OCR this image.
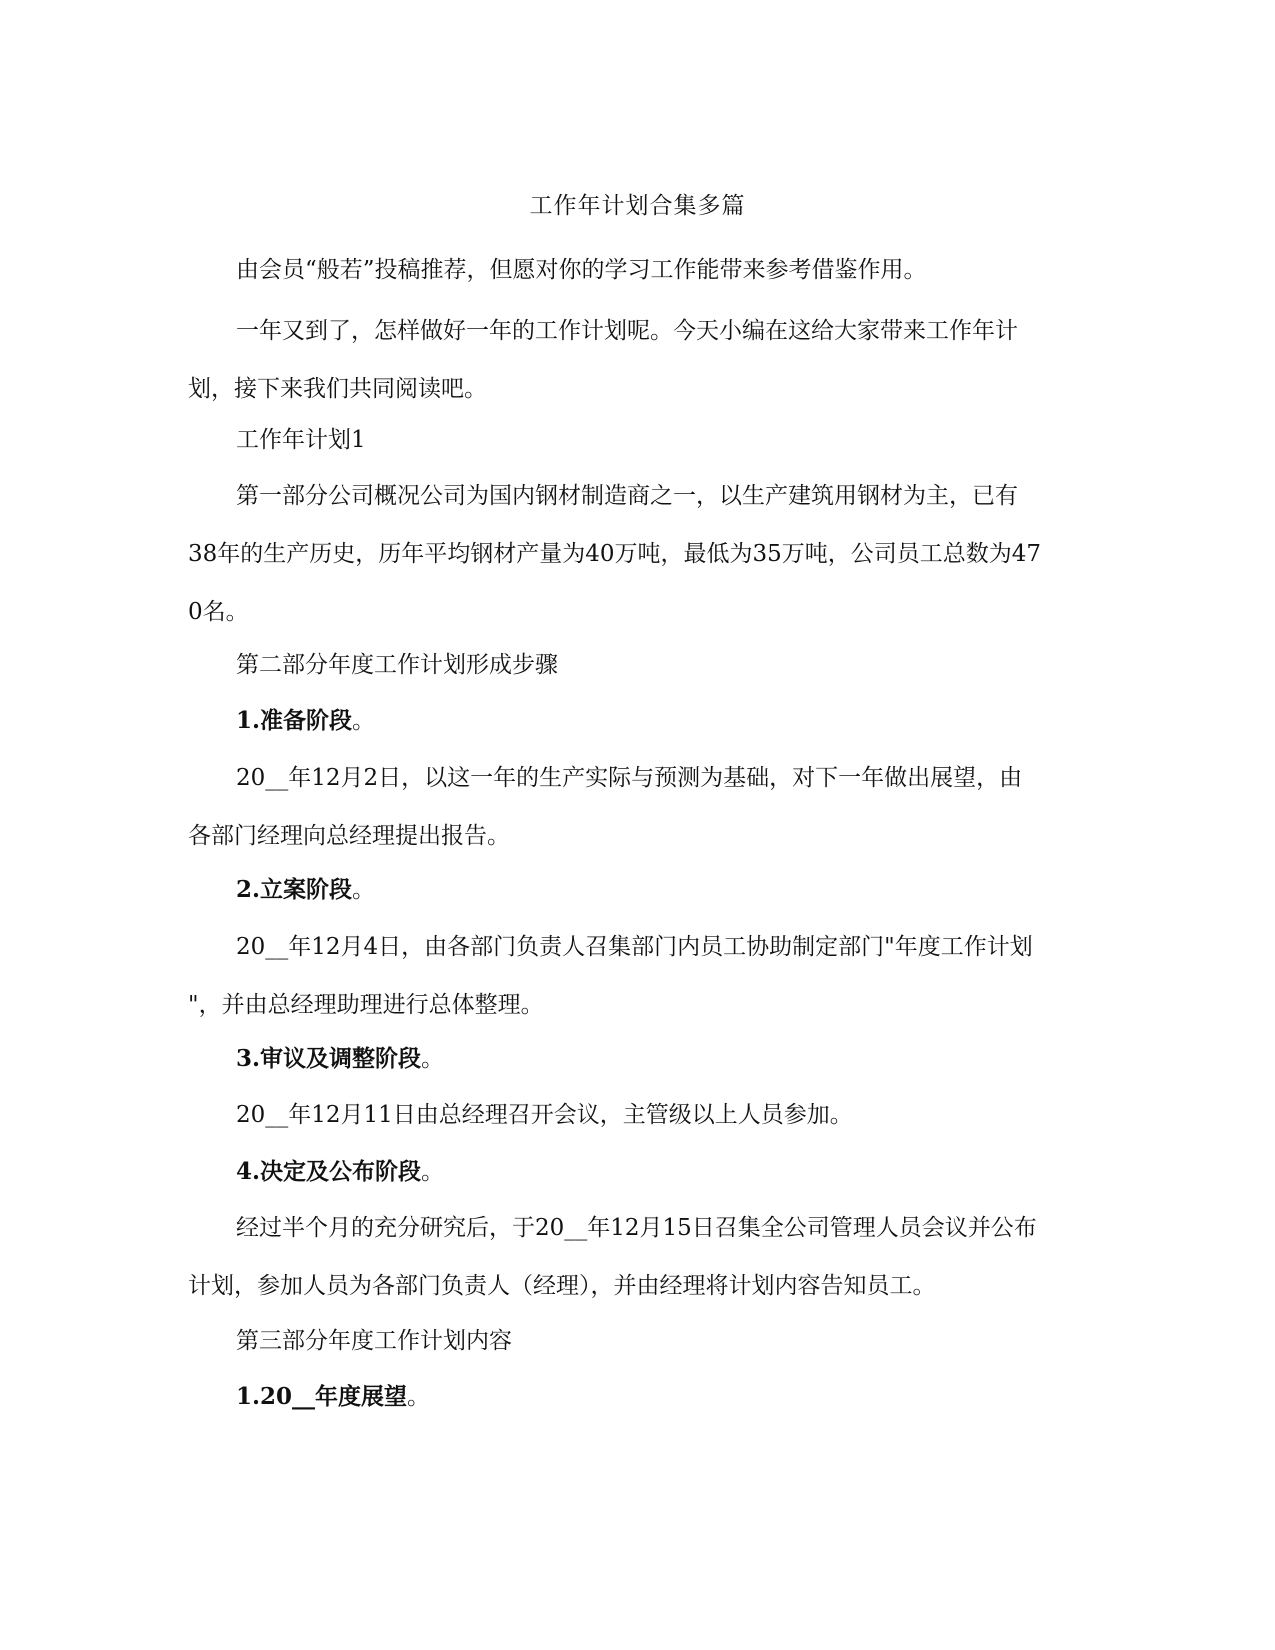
工作年计划合集多篇

由会员“般若”投稿推荐，但愿对你的学习工作能带来参考借鉴作用。

一年又到了，怎样做好一年的工作计划呢。今天小编在这给大家带来工作年计
划，接下来我们共同阅读吧。

工作年计划1

第一部分公司概况公司为国内钢材制造商之一，以生产建筑用钢材为主，已有
38年的生产历史，历年平均钢材产量为40万吨，最低为35万吨，公司员工总数为47
0名。

第二部分年度工作计划形成步骤

1.准备阶段。

20__年12月2日，以这一年的生产实际与预测为基础，对下一年做出展望，由
各部门经理向总经理提出报告。

2.立案阶段。

20__年12月4日，由各部门负责人召集部门内员工协助制定部门"年度工作计划
"，并由总经理助理进行总体整理。

3.审议及调整阶段。

20__年12月11日由总经理召开会议，主管级以上人员参加。

4.决定及公布阶段。

经过半个月的充分研究后，于20__年12月15日召集全公司管理人员会议并公布
计划，参加人员为各部门负责人（经理），并由经理将计划内容告知员工。

第三部分年度工作计划内容

1.20__年度展望。
